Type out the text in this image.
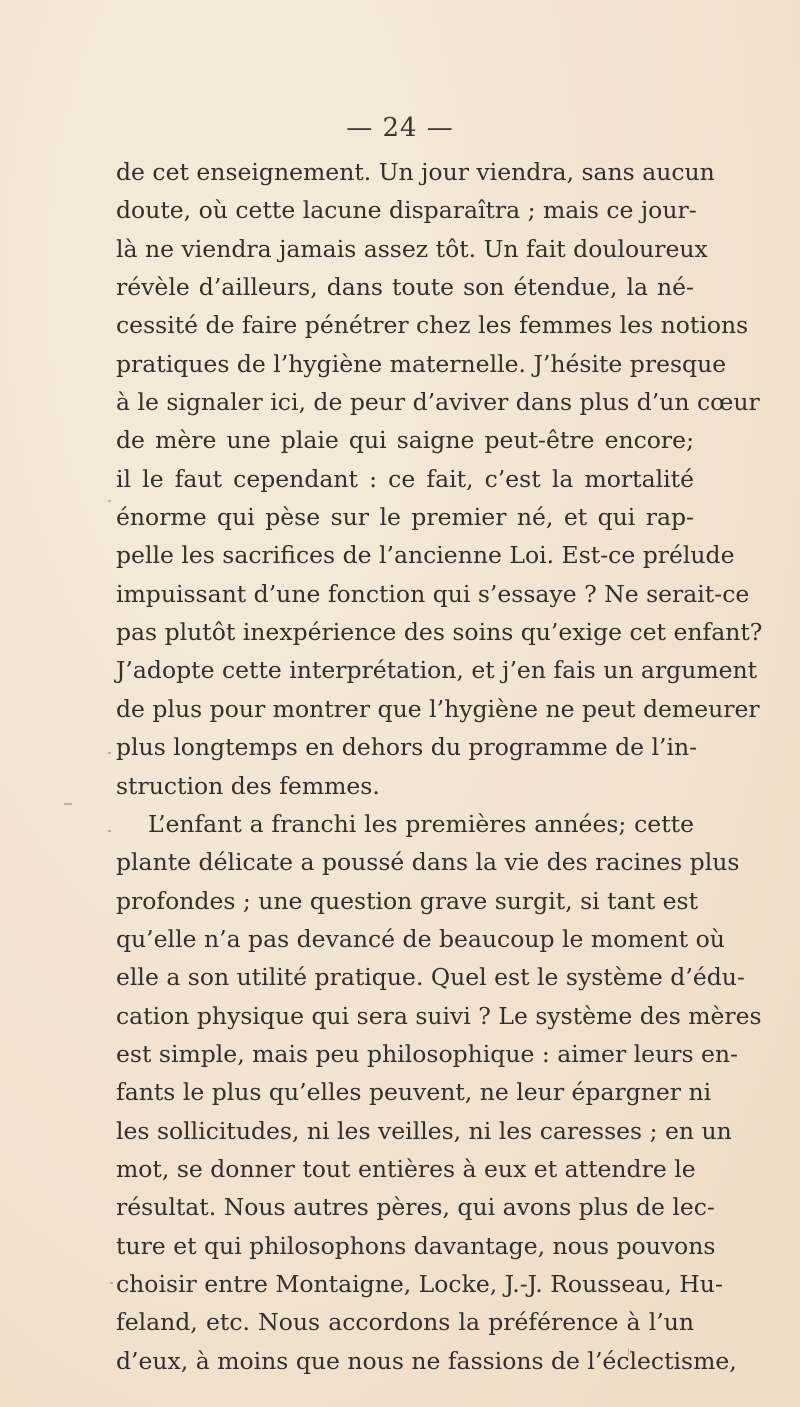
— 24 —
de cet enseignement. Un jour viendra, sans aucun
doute, où cette lacune disparaîtra ; mais ce jour-
là ne viendra jamais assez tôt. Un fait douloureux
révèle d’ailleurs, dans toute son étendue, la né-
cessité de faire pénétrer chez les femmes les notions
pratiques de l’hygiène maternelle. J’hésite presque
à le signaler ici, de peur d’aviver dans plus d’un cœur
de mère une plaie qui saigne peut-être encore;
il le faut cependant : ce fait, c’est la mortalité
énorme qui pèse sur le premier né, et qui rap-
pelle les sacrifices de l’ancienne Loi. Est-ce prélude
impuissant d’une fonction qui s’essaye ? Ne serait-ce
pas plutôt inexpérience des soins qu’exige cet enfant?
J’adopte cette interprétation, et j’en fais un argument
de plus pour montrer que l’hygiène ne peut demeurer
plus longtemps en dehors du programme de l’in-
struction des femmes.
L’enfant a franchi les premières années; cette
plante délicate a poussé dans la vie des racines plus
profondes ; une question grave surgit, si tant est
qu’elle n’a pas devancé de beaucoup le moment où
elle a son utilité pratique. Quel est le système d’édu-
cation physique qui sera suivi ? Le système des mères
est simple, mais peu philosophique : aimer leurs en-
fants le plus qu’elles peuvent, ne leur épargner ni
les sollicitudes, ni les veilles, ni les caresses ; en un
mot, se donner tout entières à eux et attendre le
résultat. Nous autres pères, qui avons plus de lec-
ture et qui philosophons davantage, nous pouvons
choisir entre Montaigne, Locke, J.-J. Rousseau, Hu-
feland, etc. Nous accordons la préférence à l’un
d’eux, à moins que nous ne fassions de l’éclectisme,
